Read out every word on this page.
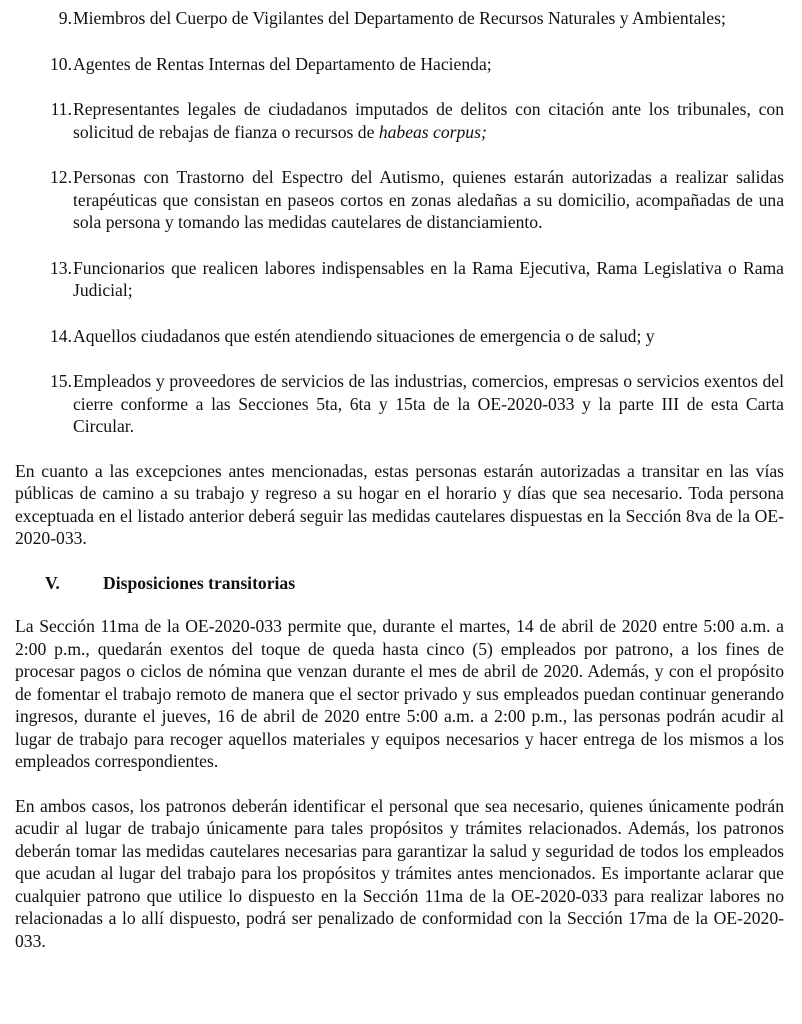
9. Miembros del Cuerpo de Vigilantes del Departamento de Recursos Naturales y Ambientales;
10. Agentes de Rentas Internas del Departamento de Hacienda;
11. Representantes legales de ciudadanos imputados de delitos con citación ante los tribunales, con solicitud de rebajas de fianza o recursos de habeas corpus;
12. Personas con Trastorno del Espectro del Autismo, quienes estarán autorizadas a realizar salidas terapéuticas que consistan en paseos cortos en zonas aledañas a su domicilio, acompañadas de una sola persona y tomando las medidas cautelares de distanciamiento.
13. Funcionarios que realicen labores indispensables en la Rama Ejecutiva, Rama Legislativa o Rama Judicial;
14. Aquellos ciudadanos que estén atendiendo situaciones de emergencia o de salud; y
15. Empleados y proveedores de servicios de las industrias, comercios, empresas o servicios exentos del cierre conforme a las Secciones 5ta, 6ta y 15ta de la OE-2020-033 y la parte III de esta Carta Circular.

En cuanto a las excepciones antes mencionadas, estas personas estarán autorizadas a transitar en las vías públicas de camino a su trabajo y regreso a su hogar en el horario y días que sea necesario. Toda persona exceptuada en el listado anterior deberá seguir las medidas cautelares dispuestas en la Sección 8va de la OE-2020-033.

V.	Disposiciones transitorias

La Sección 11ma de la OE-2020-033 permite que, durante el martes, 14 de abril de 2020 entre 5:00 a.m. a 2:00 p.m., quedarán exentos del toque de queda hasta cinco (5) empleados por patrono, a los fines de procesar pagos o ciclos de nómina que venzan durante el mes de abril de 2020. Además, y con el propósito de fomentar el trabajo remoto de manera que el sector privado y sus empleados puedan continuar generando ingresos, durante el jueves, 16 de abril de 2020 entre 5:00 a.m. a 2:00 p.m., las personas podrán acudir al lugar de trabajo para recoger aquellos materiales y equipos necesarios y hacer entrega de los mismos a los empleados correspondientes.

En ambos casos, los patronos deberán identificar el personal que sea necesario, quienes únicamente podrán acudir al lugar de trabajo únicamente para tales propósitos y trámites relacionados. Además, los patronos deberán tomar las medidas cautelares necesarias para garantizar la salud y seguridad de todos los empleados que acudan al lugar del trabajo para los propósitos y trámites antes mencionados. Es importante aclarar que cualquier patrono que utilice lo dispuesto en la Sección 11ma de la OE-2020-033 para realizar labores no relacionadas a lo allí dispuesto, podrá ser penalizado de conformidad con la Sección 17ma de la OE-2020-033.
